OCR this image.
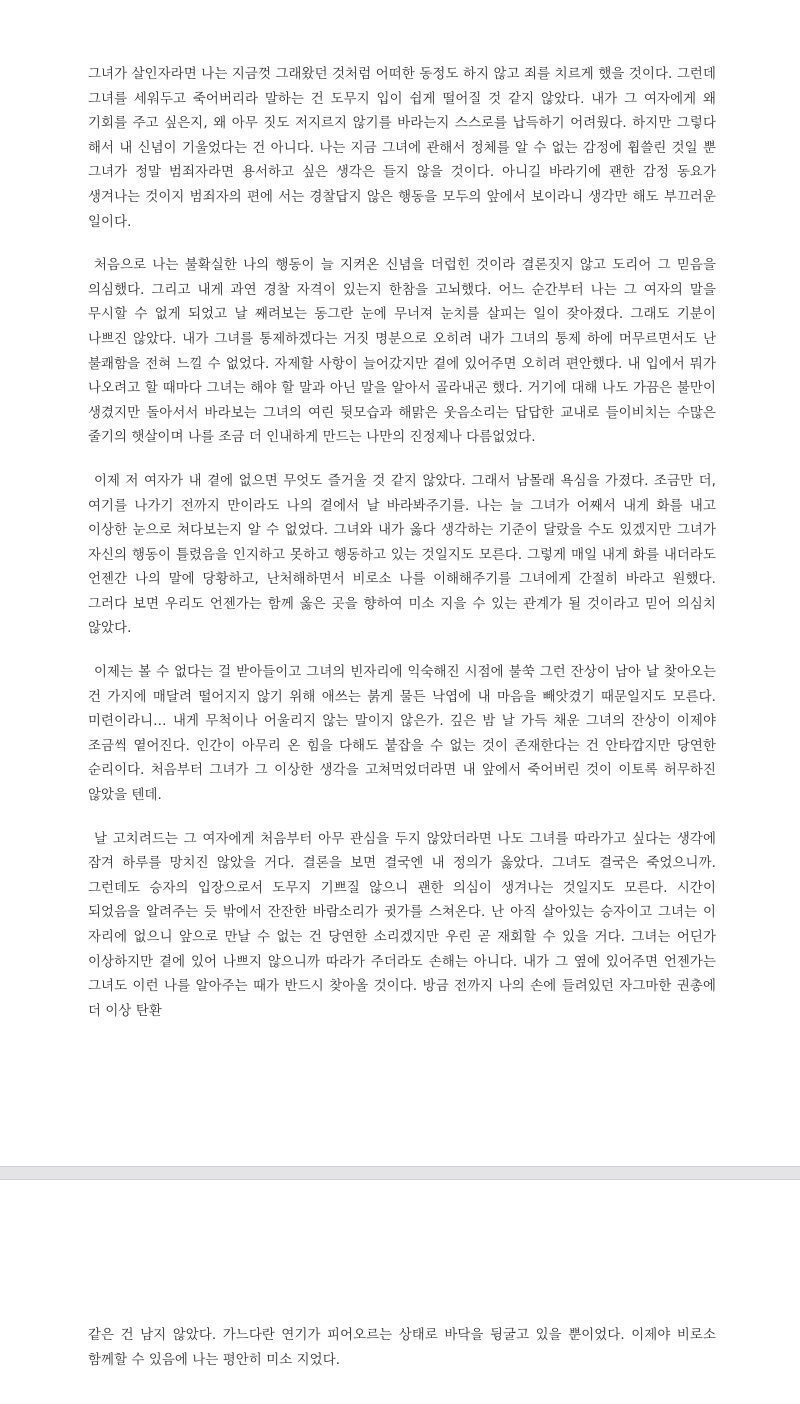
그녀가 살인자라면 나는 지금껏 그래왔던 것처럼 어떠한 동정도 하지 않고 죄를 치르게 했을 것이다. 그런데 그녀를 세워두고 죽어버리라 말하는 건 도무지 입이 쉽게 떨어질 것 같지 않았다. 내가 그 여자에게 왜 기회를 주고 싶은지, 왜 아무 짓도 저지르지 않기를 바라는지 스스로를 납득하기 어려웠다. 하지만 그렇다 해서 내 신념이 기울었다는 건 아니다. 나는 지금 그녀에 관해서 정체를 알 수 없는 감정에 휩쓸린 것일 뿐 그녀가 정말 범죄자라면 용서하고 싶은 생각은 들지 않을 것이다. 아니길 바라기에 괜한 감정 동요가 생겨나는 것이지 범죄자의 편에 서는 경찰답지 않은 행동을 모두의 앞에서 보이라니 생각만 해도 부끄러운 일이다.

처음으로 나는 불확실한 나의 행동이 늘 지켜온 신념을 더럽힌 것이라 결론짓지 않고 도리어 그 믿음을 의심했다. 그리고 내게 과연 경찰 자격이 있는지 한참을 고뇌했다. 어느 순간부터 나는 그 여자의 말을 무시할 수 없게 되었고 날 째려보는 동그란 눈에 무너져 눈치를 살피는 일이 잦아졌다. 그래도 기분이 나쁘진 않았다. 내가 그녀를 통제하겠다는 거짓 명분으로 오히려 내가 그녀의 통제 하에 머무르면서도 난 불쾌함을 전혀 느낄 수 없었다. 자제할 사항이 늘어갔지만 곁에 있어주면 오히려 편안했다. 내 입에서 뭐가 나오려고 할 때마다 그녀는 해야 할 말과 아닌 말을 알아서 골라내곤 했다. 거기에 대해 나도 가끔은 불만이 생겼지만 돌아서서 바라보는 그녀의 여린 뒷모습과 해맑은 웃음소리는 답답한 교내로 들이비치는 수많은 줄기의 햇살이며 나를 조금 더 인내하게 만드는 나만의 진정제나 다름없었다.

이제 저 여자가 내 곁에 없으면 무엇도 즐거울 것 같지 않았다. 그래서 남몰래 욕심을 가졌다. 조금만 더, 여기를 나가기 전까지 만이라도 나의 곁에서 날 바라봐주기를. 나는 늘 그녀가 어째서 내게 화를 내고 이상한 눈으로 쳐다보는지 알 수 없었다. 그녀와 내가 옳다 생각하는 기준이 달랐을 수도 있겠지만 그녀가 자신의 행동이 틀렸음을 인지하고 못하고 행동하고 있는 것일지도 모른다. 그렇게 매일 내게 화를 내더라도 언젠간 나의 말에 당황하고, 난처해하면서 비로소 나를 이해해주기를 그녀에게 간절히 바라고 원했다. 그러다 보면 우리도 언젠가는 함께 옳은 곳을 향하여 미소 지을 수 있는 관계가 될 것이라고 믿어 의심치 않았다.

이제는 볼 수 없다는 걸 받아들이고 그녀의 빈자리에 익숙해진 시점에 불쑥 그런 잔상이 남아 날 찾아오는 건 가지에 매달려 떨어지지 않기 위해 애쓰는 붉게 물든 낙엽에 내 마음을 빼앗겼기 때문일지도 모른다. 미련이라니… 내게 무척이나 어울리지 않는 말이지 않은가. 깊은 밤 날 가득 채운 그녀의 잔상이 이제야 조금씩 옅어진다. 인간이 아무리 온 힘을 다해도 붙잡을 수 없는 것이 존재한다는 건 안타깝지만 당연한 순리이다. 처음부터 그녀가 그 이상한 생각을 고쳐먹었더라면 내 앞에서 죽어버린 것이 이토록 허무하진 않았을 텐데.

날 고치려드는 그 여자에게 처음부터 아무 관심을 두지 않았더라면 나도 그녀를 따라가고 싶다는 생각에 잠겨 하루를 망치진 않았을 거다. 결론을 보면 결국엔 내 정의가 옳았다. 그녀도 결국은 죽었으니까. 그런데도 승자의 입장으로서 도무지 기쁘질 않으니 괜한 의심이 생겨나는 것일지도 모른다. 시간이 되었음을 알려주는 듯 밖에서 잔잔한 바람소리가 귓가를 스쳐온다. 난 아직 살아있는 승자이고 그녀는 이 자리에 없으니 앞으로 만날 수 없는 건 당연한 소리겠지만 우린 곧 재회할 수 있을 거다. 그녀는 어딘가 이상하지만 곁에 있어 나쁘지 않으니까 따라가 주더라도 손해는 아니다. 내가 그 옆에 있어주면 언젠가는 그녀도 이런 나를 알아주는 때가 반드시 찾아올 것이다. 방금 전까지 나의 손에 들려있던 자그마한 권총에 더 이상 탄환

같은 건 남지 않았다. 가느다란 연기가 피어오르는 상태로 바닥을 뒹굴고 있을 뿐이었다. 이제야 비로소 함께할 수 있음에 나는 평안히 미소 지었다.
